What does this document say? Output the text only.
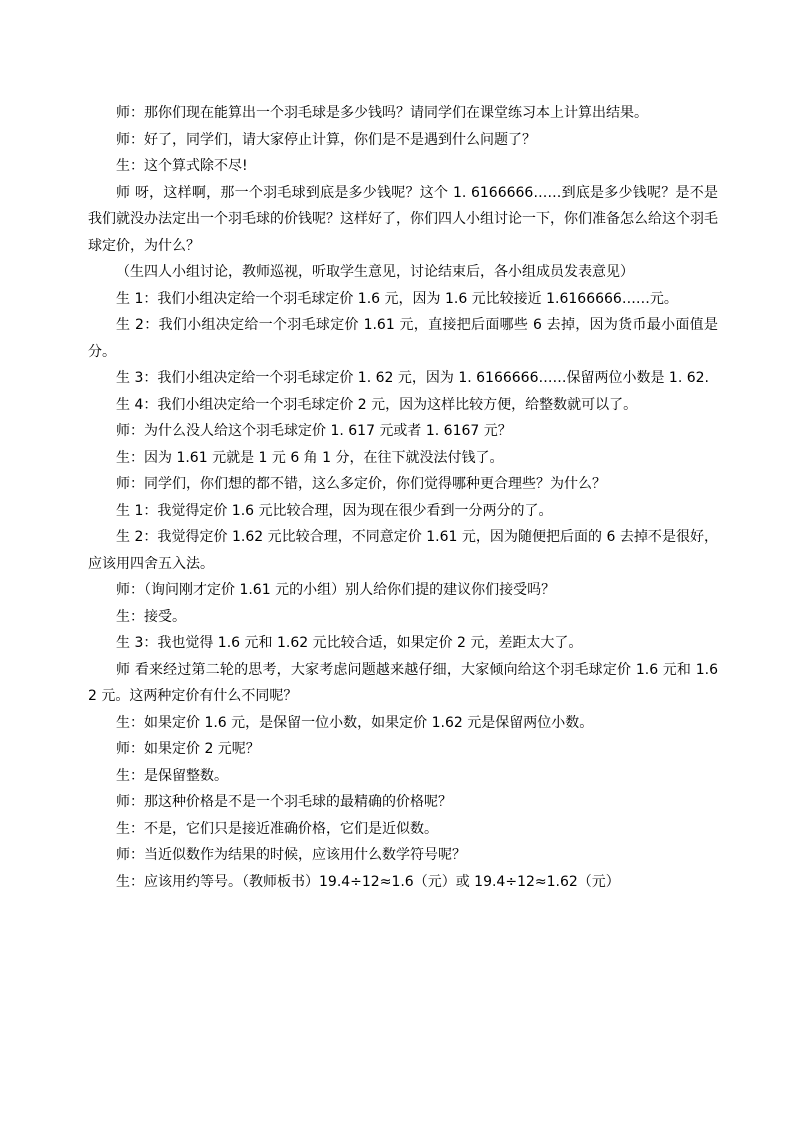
师：那你们现在能算出一个羽毛球是多少钱吗？请同学们在课堂练习本上计算出结果。

师：好了，同学们，请大家停止计算，你们是不是遇到什么问题了？

生：这个算式除不尽!

师 呀，这样啊，那一个羽毛球到底是多少钱呢？这个 1. 6166666……到底是多少钱呢？是不是我们就没办法定出一个羽毛球的价钱呢？这样好了，你们四人小组讨论一下，你们准备怎么给这个羽毛球定价，为什么？

（生四人小组讨论，教师巡视，听取学生意见，讨论结束后，各小组成员发表意见）

生 1：我们小组决定给一个羽毛球定价 1.6 元，因为 1.6 元比较接近 1.6166666……元。

生 2：我们小组决定给一个羽毛球定价 1.61 元，直接把后面哪些 6 去掉，因为货币最小面值是分。

生 3：我们小组决定给一个羽毛球定价 1. 62 元，因为 1. 6166666……保留两位小数是 1. 62.

生 4：我们小组决定给一个羽毛球定价 2 元，因为这样比较方便，给整数就可以了。

师：为什么没人给这个羽毛球定价 1. 617 元或者 1. 6167 元？

生：因为 1.61 元就是 1 元 6 角 1 分，在往下就没法付钱了。

师：同学们，你们想的都不错，这么多定价，你们觉得哪种更合理些？为什么？

生 1：我觉得定价 1.6 元比较合理，因为现在很少看到一分两分的了。

生 2：我觉得定价 1.62 元比较合理，不同意定价 1.61 元，因为随便把后面的 6 去掉不是很好，应该用四舍五入法。

师：（询问刚才定价 1.61 元的小组）别人给你们提的建议你们接受吗？

生：接受。

生 3：我也觉得 1.6 元和 1.62 元比较合适，如果定价 2 元，差距太大了。

师 看来经过第二轮的思考，大家考虑问题越来越仔细，大家倾向给这个羽毛球定价 1.6 元和 1.62 元。这两种定价有什么不同呢？

生：如果定价 1.6 元，是保留一位小数，如果定价 1.62 元是保留两位小数。

师：如果定价 2 元呢？

生：是保留整数。

师：那这种价格是不是一个羽毛球的最精确的价格呢？

生：不是，它们只是接近准确价格，它们是近似数。

师：当近似数作为结果的时候，应该用什么数学符号呢？

生：应该用约等号。（教师板书）19.4÷12≈1.6（元）或 19.4÷12≈1.62（元）
